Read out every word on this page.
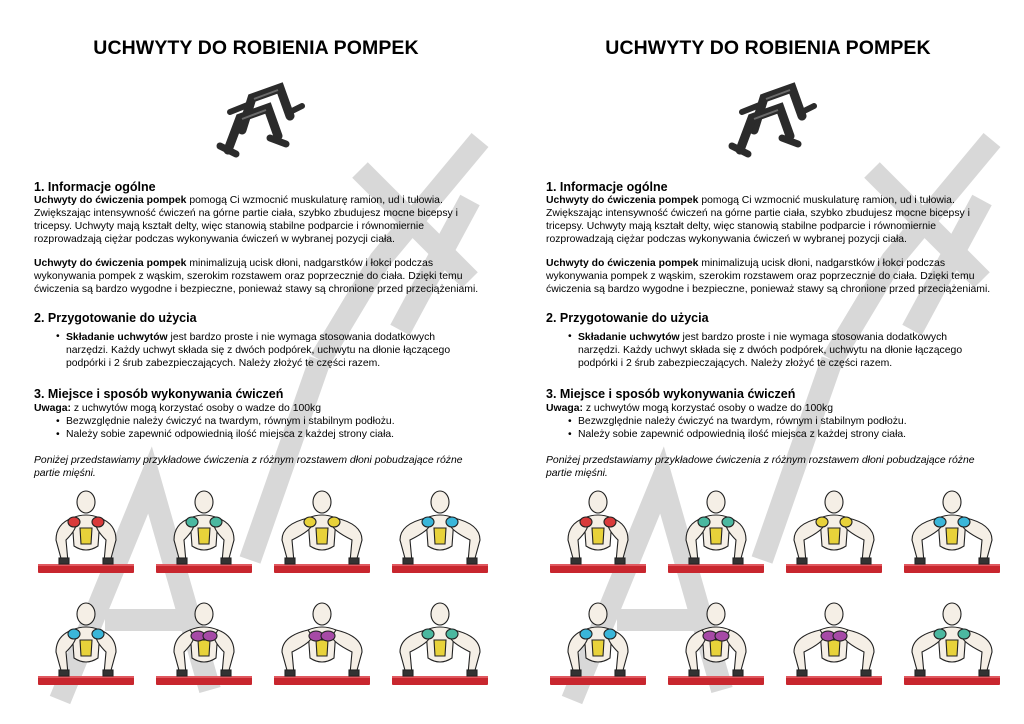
UCHWYTY DO ROBIENIA POMPEK
1. Informacje ogólne
Uchwyty do ćwiczenia pompek pomogą Ci wzmocnić muskulaturę ramion, ud i tułowia.
Zwiększając intensywność ćwiczeń na górne partie ciała, szybko zbudujesz mocne bicepsy i
tricepsy. Uchwyty mają kształt delty, więc stanowią stabilne podparcie i równomiernie
rozprowadzają ciężar podczas wykonywania ćwiczeń w wybranej pozycji ciała.
Uchwyty do ćwiczenia pompek minimalizują ucisk dłoni, nadgarstków i łokci podczas
wykonywania pompek z wąskim, szerokim rozstawem oraz poprzecznie do ciała. Dzięki temu
ćwiczenia są bardzo wygodne i bezpieczne, ponieważ stawy są chronione przed przeciążeniami.
2. Przygotowanie do użycia
• Składanie uchwytów jest bardzo proste i nie wymaga stosowania dodatkowych
narzędzi. Każdy uchwyt składa się z dwóch podpórek, uchwytu na dłonie łączącego
podpórki i 2 śrub zabezpieczających. Należy złożyć te części razem.
3. Miejsce i sposób wykonywania ćwiczeń
Uwaga: z uchwytów mogą korzystać osoby o wadze do 100kg
• Bezwzględnie należy ćwiczyć na twardym, równym i stabilnym podłożu.
• Należy sobie zapewnić odpowiednią ilość miejsca z każdej strony ciała.
Poniżej przedstawiamy przykładowe ćwiczenia z różnym rozstawem dłoni pobudzające różne
partie mięśni.
UCHWYTY DO ROBIENIA POMPEK
1. Informacje ogólne
Uchwyty do ćwiczenia pompek pomogą Ci wzmocnić muskulaturę ramion, ud i tułowia.
Zwiększając intensywność ćwiczeń na górne partie ciała, szybko zbudujesz mocne bicepsy i
tricepsy. Uchwyty mają kształt delty, więc stanowią stabilne podparcie i równomiernie
rozprowadzają ciężar podczas wykonywania ćwiczeń w wybranej pozycji ciała.
Uchwyty do ćwiczenia pompek minimalizują ucisk dłoni, nadgarstków i łokci podczas
wykonywania pompek z wąskim, szerokim rozstawem oraz poprzecznie do ciała. Dzięki temu
ćwiczenia są bardzo wygodne i bezpieczne, ponieważ stawy są chronione przed przeciążeniami.
2. Przygotowanie do użycia
• Składanie uchwytów jest bardzo proste i nie wymaga stosowania dodatkowych
narzędzi. Każdy uchwyt składa się z dwóch podpórek, uchwytu na dłonie łączącego
podpórki i 2 śrub zabezpieczających. Należy złożyć te części razem.
3. Miejsce i sposób wykonywania ćwiczeń
Uwaga: z uchwytów mogą korzystać osoby o wadze do 100kg
• Bezwzględnie należy ćwiczyć na twardym, równym i stabilnym podłożu.
• Należy sobie zapewnić odpowiednią ilość miejsca z każdej strony ciała.
Poniżej przedstawiamy przykładowe ćwiczenia z różnym rozstawem dłoni pobudzające różne
partie mięśni.
